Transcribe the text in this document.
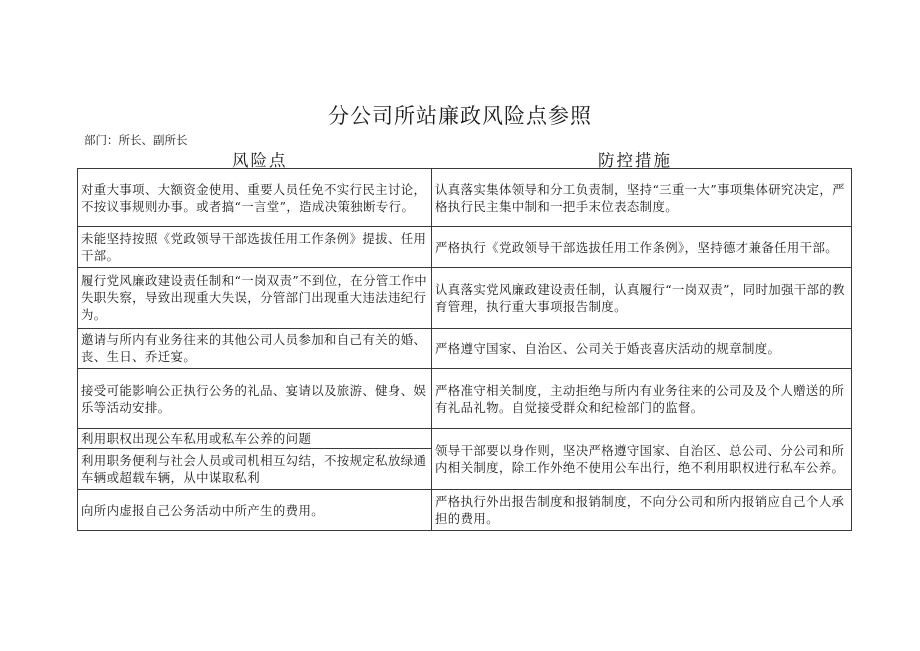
分公司所站廉政风险点参照
部门：所长、副所长
风险点	防控措施
对重大事项、大额资金使用、重要人员任免不实行民主讨论，不按议事规则办事。或者搞“一言堂”，造成决策独断专行。	认真落实集体领导和分工负责制，坚持“三重一大”事项集体研究决定，严格执行民主集中制和一把手末位表态制度。
未能坚持按照《党政领导干部选拔任用工作条例》提拔、任用干部。	严格执行《党政领导干部选拔任用工作条例》，坚持德才兼备任用干部。
履行党风廉政建设责任制和“一岗双责”不到位，在分管工作中失职失察，导致出现重大失误，分管部门出现重大违法违纪行为。	认真落实党风廉政建设责任制，认真履行“一岗双责”，同时加强干部的教育管理，执行重大事项报告制度。
邀请与所内有业务往来的其他公司人员参加和自己有关的婚、丧、生日、乔迁宴。	严格遵守国家、自治区、公司关于婚丧喜庆活动的规章制度。
接受可能影响公正执行公务的礼品、宴请以及旅游、健身、娱乐等活动安排。	严格准守相关制度，主动拒绝与所内有业务往来的公司及及个人赠送的所有礼品礼物。自觉接受群众和纪检部门的监督。
利用职权出现公车私用或私车公养的问题	领导干部要以身作则，坚决严格遵守国家、自治区、总公司、分公司和所内相关制度，除工作外绝不使用公车出行，绝不利用职权进行私车公养。
利用职务便利与社会人员或司机相互勾结，不按规定私放绿通车辆或超载车辆，从中谋取私利	
向所内虚报自己公务活动中所产生的费用。	严格执行外出报告制度和报销制度，不向分公司和所内报销应自己个人承担的费用。
